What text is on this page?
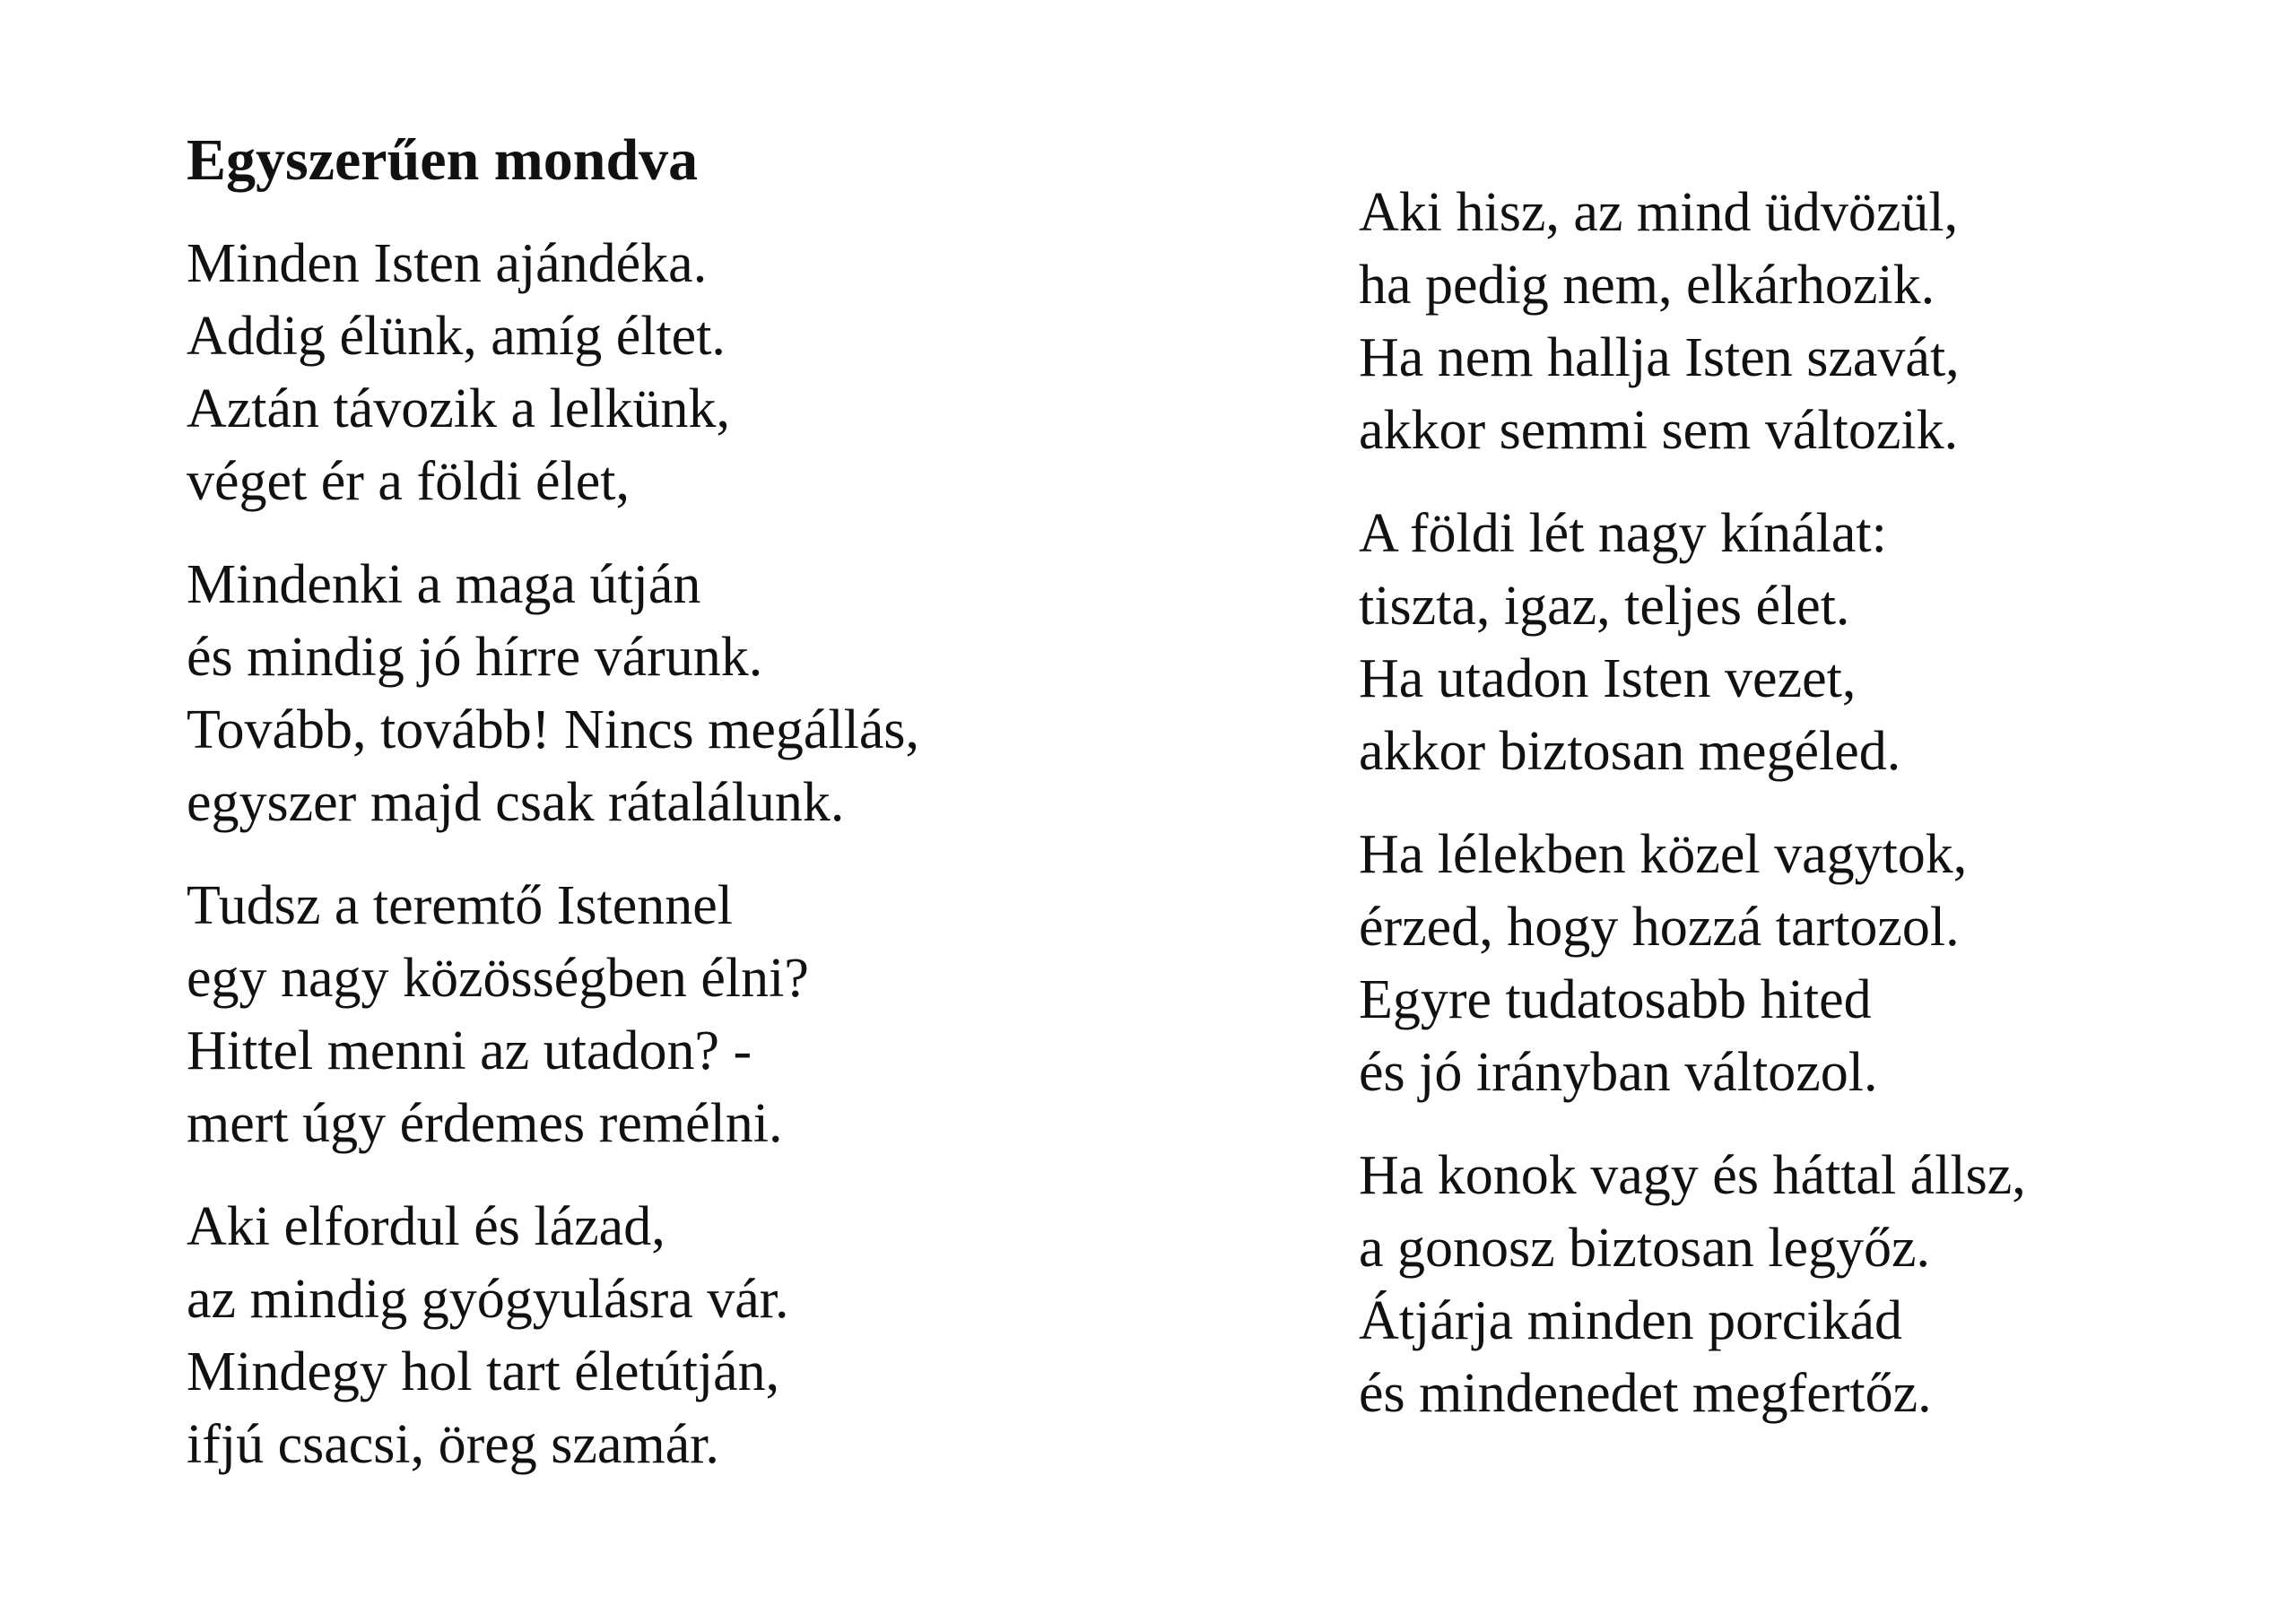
Egyszerűen mondva
Minden Isten ajándéka.
Addig élünk, amíg éltet.
Aztán távozik a lelkünk,
véget ér a földi élet,
Mindenki a maga útján
és mindig jó hírre várunk.
Tovább, tovább! Nincs megállás,
egyszer majd csak rátalálunk.
Tudsz a teremtő Istennel
egy nagy közösségben élni?
Hittel menni az utadon? -
mert úgy érdemes remélni.
Aki elfordul és lázad,
az mindig gyógyulásra vár.
Mindegy hol tart életútján,
ifjú csacsi, öreg szamár.
Aki hisz, az mind üdvözül,
ha pedig nem, elkárhozik.
Ha nem hallja Isten szavát,
akkor semmi sem változik.
A földi lét nagy kínálat:
tiszta, igaz, teljes élet.
Ha utadon Isten vezet,
akkor biztosan megéled.
Ha lélekben közel vagytok,
érzed, hogy hozzá tartozol.
Egyre tudatosabb hited
és jó irányban változol.
Ha konok vagy és háttal állsz,
a gonosz biztosan legyőz.
Átjárja minden porcikád
és mindenedet megfertőz.
